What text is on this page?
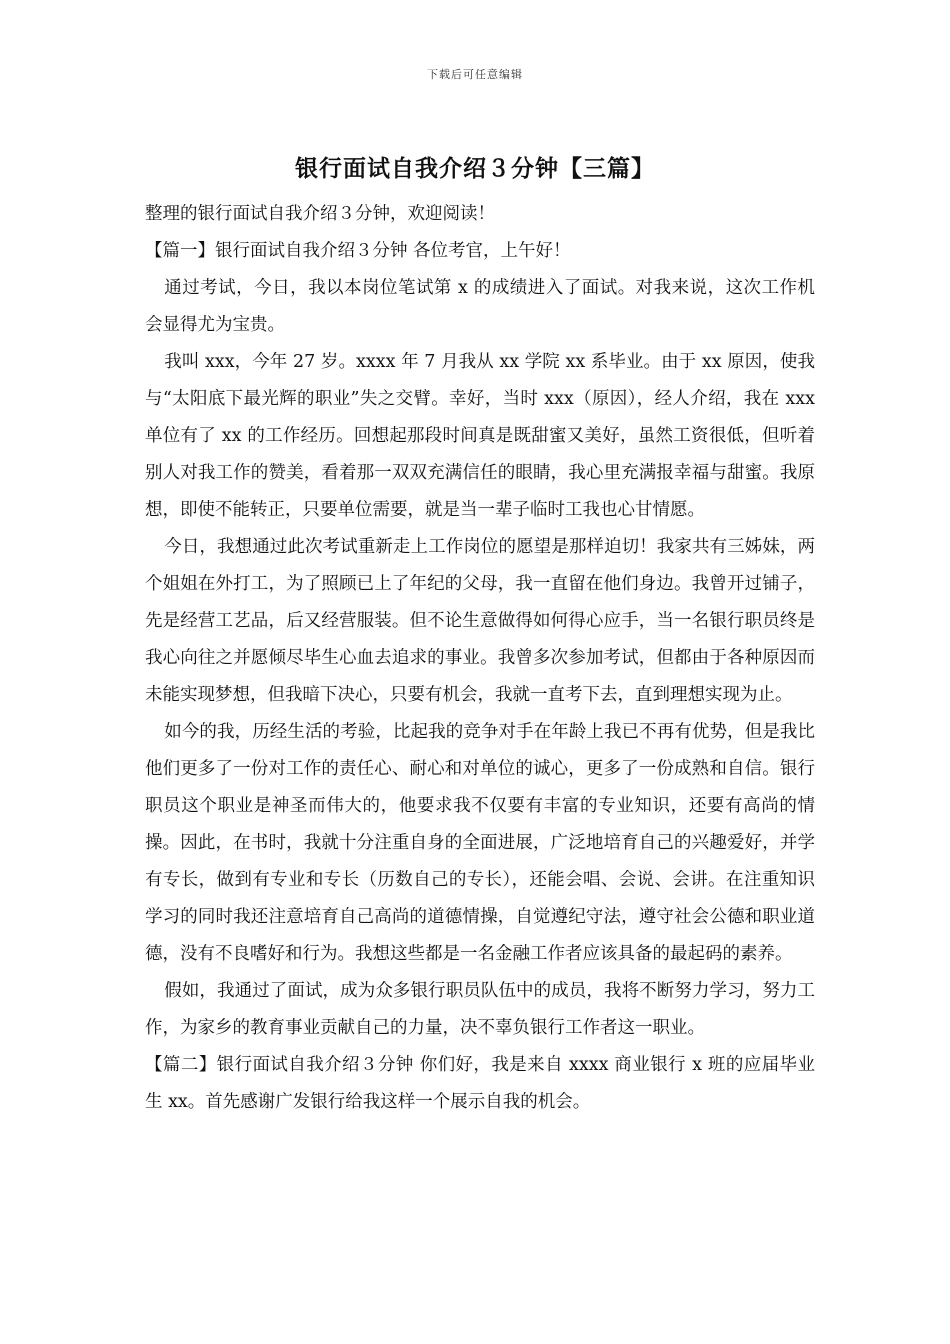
下载后可任意编辑
银行面试自我介绍３分钟【三篇】

整理的银行面试自我介绍３分钟，欢迎阅读！

【篇一】银行面试自我介绍３分钟 各位考官，上午好！

通过考试，今日，我以本岗位笔试第 x 的成绩进入了面试。对我来说，这次工作机会显得尤为宝贵。

我叫 xxx，今年 27 岁。xxxx 年 7 月我从 xx 学院 xx 系毕业。由于 xx 原因，使我与“太阳底下最光辉的职业”失之交臂。幸好，当时 xxx（原因），经人介绍，我在 xxx 单位有了 xx 的工作经历。回想起那段时间真是既甜蜜又美好，虽然工资很低，但听着别人对我工作的赞美，看着那一双双充满信任的眼睛，我心里充满报幸福与甜蜜。我原想，即使不能转正，只要单位需要，就是当一辈子临时工我也心甘情愿。

今日，我想通过此次考试重新走上工作岗位的愿望是那样迫切！我家共有三姊妹，两个姐姐在外打工，为了照顾已上了年纪的父母，我一直留在他们身边。我曾开过铺子，先是经营工艺品，后又经营服装。但不论生意做得如何得心应手，当一名银行职员终是我心向往之并愿倾尽毕生心血去追求的事业。我曾多次参加考试，但都由于各种原因而未能实现梦想，但我暗下决心，只要有机会，我就一直考下去，直到理想实现为止。

如今的我，历经生活的考验，比起我的竞争对手在年龄上我已不再有优势，但是我比他们更多了一份对工作的责任心、耐心和对单位的诚心，更多了一份成熟和自信。银行职员这个职业是神圣而伟大的，他要求我不仅要有丰富的专业知识，还要有高尚的情操。因此，在书时，我就十分注重自身的全面进展，广泛地培育自己的兴趣爱好，并学有专长，做到有专业和专长（历数自己的专长），还能会唱、会说、会讲。在注重知识学习的同时我还注意培育自己高尚的道德情操，自觉遵纪守法，遵守社会公德和职业道德，没有不良嗜好和行为。我想这些都是一名金融工作者应该具备的最起码的素养。

假如，我通过了面试，成为众多银行职员队伍中的成员，我将不断努力学习，努力工作，为家乡的教育事业贡献自己的力量，决不辜负银行工作者这一职业。

【篇二】银行面试自我介绍３分钟 你们好，我是来自 xxxx 商业银行 x 班的应届毕业生 xx。首先感谢广发银行给我这样一个展示自我的机会。
